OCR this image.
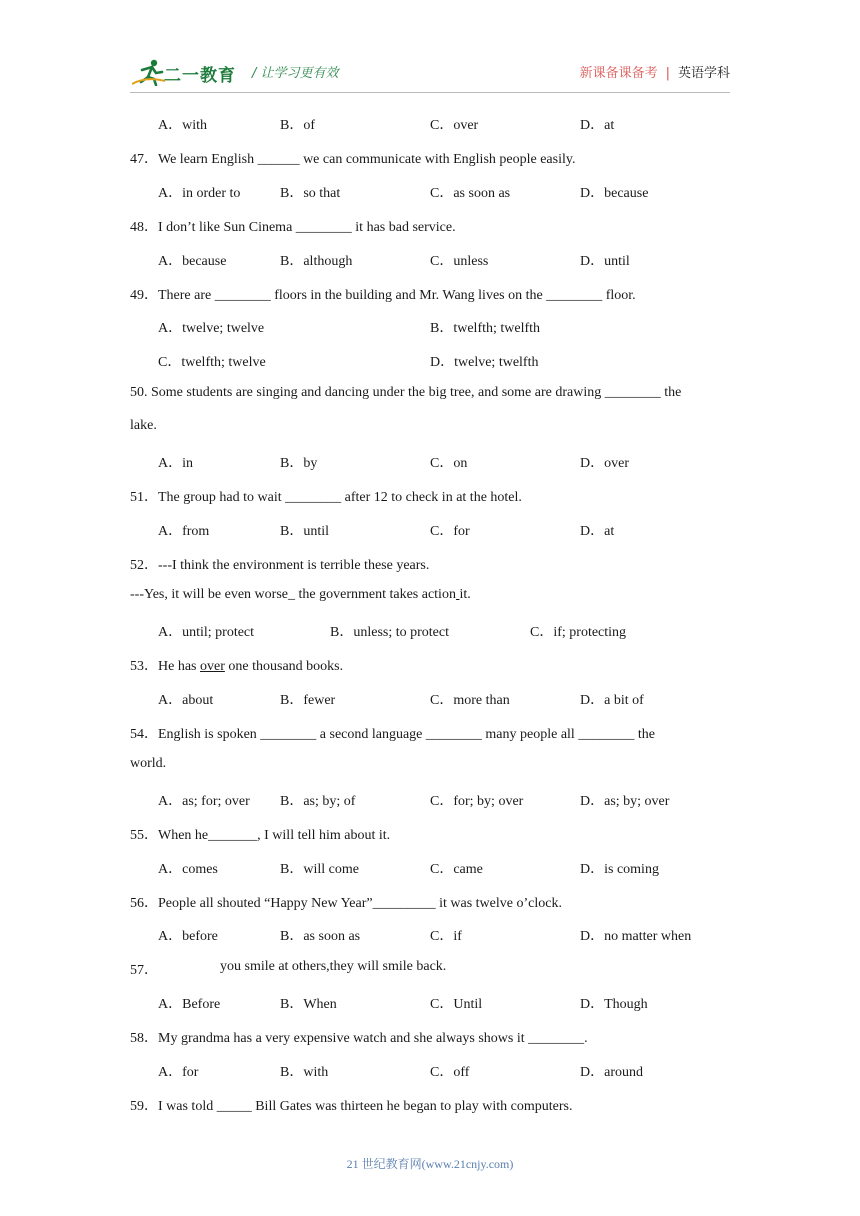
二一教育 / 让学习更有效	新课备课备考 | 英语学科
A．with	B．of	C．over	D．at
47．We learn English ______ we can communicate with English people easily.
A．in order to	B．so that	C．as soon as	D．because
48．I don’t like Sun Cinema ________ it has bad service.
A．because	B．although	C．unless	D．until
49．There are ________ floors in the building and Mr. Wang lives on the ________ floor.
A．twelve; twelve	B．twelfth; twelfth
C．twelfth; twelve	D．twelve; twelfth
50. Some students are singing and dancing under the big tree, and some are drawing ________ the
lake.
A．in	B．by	C．on	D．over
51．The group had to wait ________ after 12 to check in at the hotel.
A．from	B．until	C．for	D．at
52．---I think the environment is terrible these years.
---Yes, it will be even worse_ the government takes action it.
A．until; protect	B．unless; to protect	C．if; protecting
53．He has over one thousand books.
A．about	B．fewer	C．more than	D．a bit of
54．English is spoken ________ a second language ________ many people all ________ the
world.
A．as; for; over B．as; by; of	C．for; by; over	D．as; by; over
55．When he_______, I will tell him about it.
A．comes	B．will come	C．came	D．is coming
56．People all shouted “Happy New Year”_________ it was twelve o’clock.
A．before	B．as soon as	C．if	D．no matter when
57．	you smile at others,they will smile back.
A．Before	B．When	C．Until	D．Though
58．My grandma has a very expensive watch and she always shows it ________.
A．for	B．with	C．off	D．around
59．I was told _____ Bill Gates was thirteen he began to play with computers.
21 世纪教育网(www.21cnjy.com)
